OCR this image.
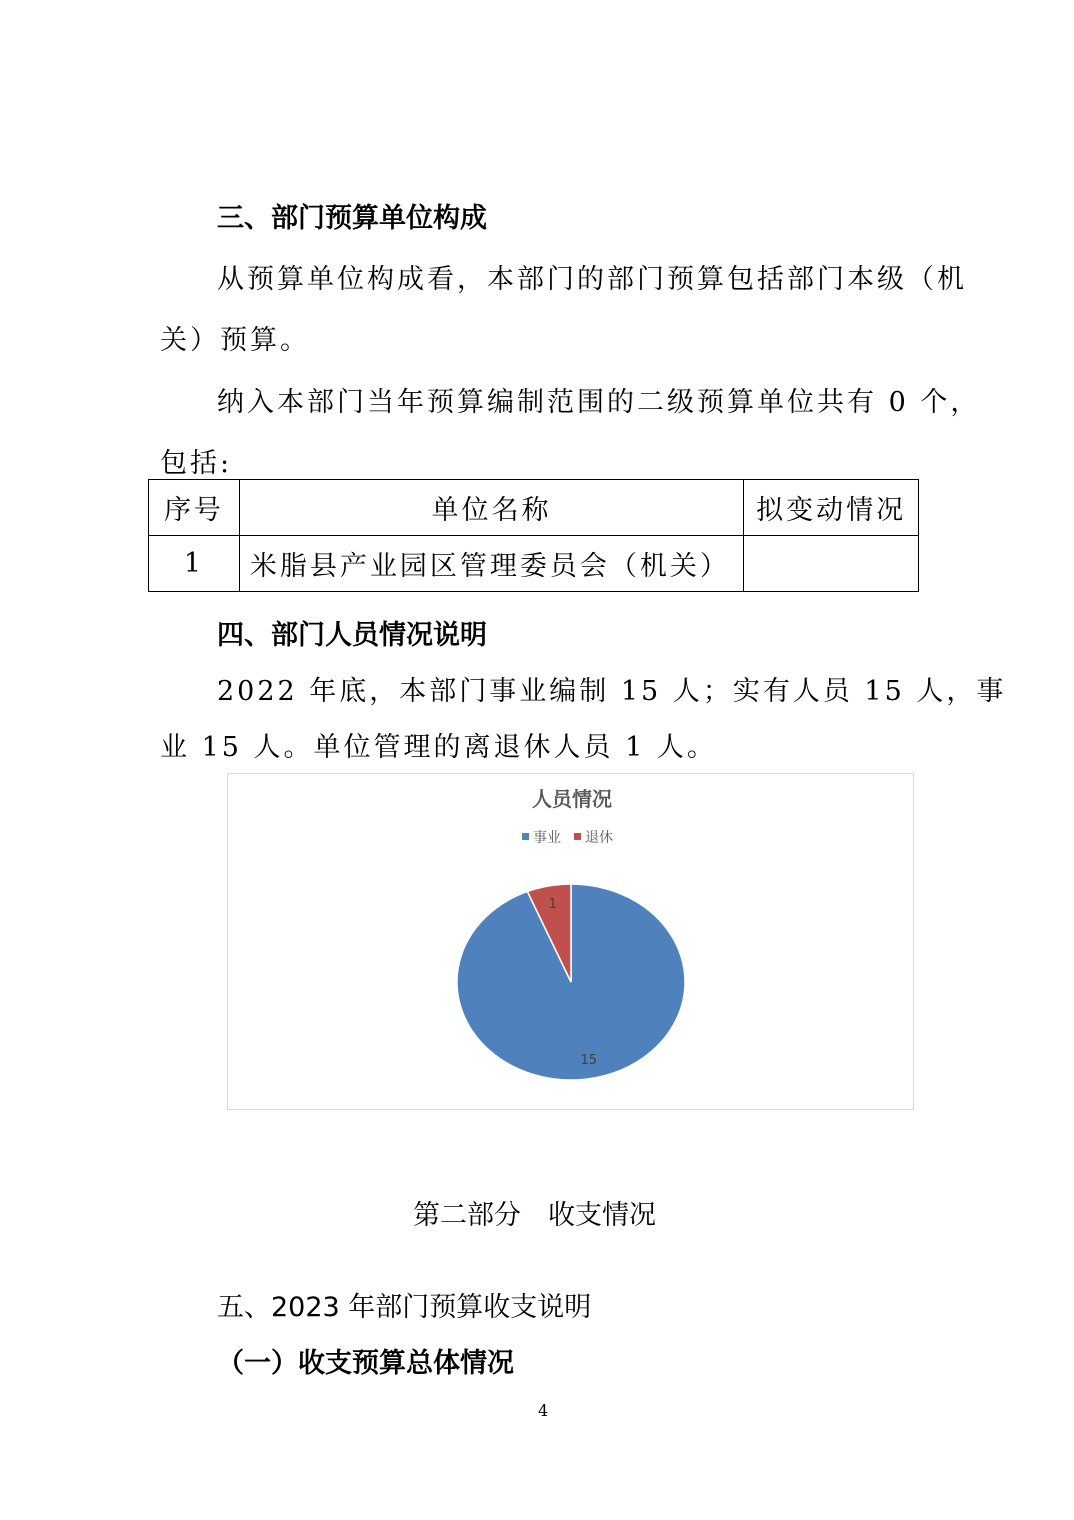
三、部门预算单位构成
从预算单位构成看，本部门的部门预算包括部门本级（机
关）预算。
纳入本部门当年预算编制范围的二级预算单位共有 0 个，
包括:
序号	单位名称	拟变动情况
1	米脂县产业园区管理委员会（机关）	
四、部门人员情况说明
2022 年底，本部门事业编制 15 人；实有人员 15 人，事
业 15 人。单位管理的离退休人员 1 人。
人员情况
事业 退休
15
1
第二部分　收支情况
五、2023 年部门预算收支说明
（一）收支预算总体情况
4
